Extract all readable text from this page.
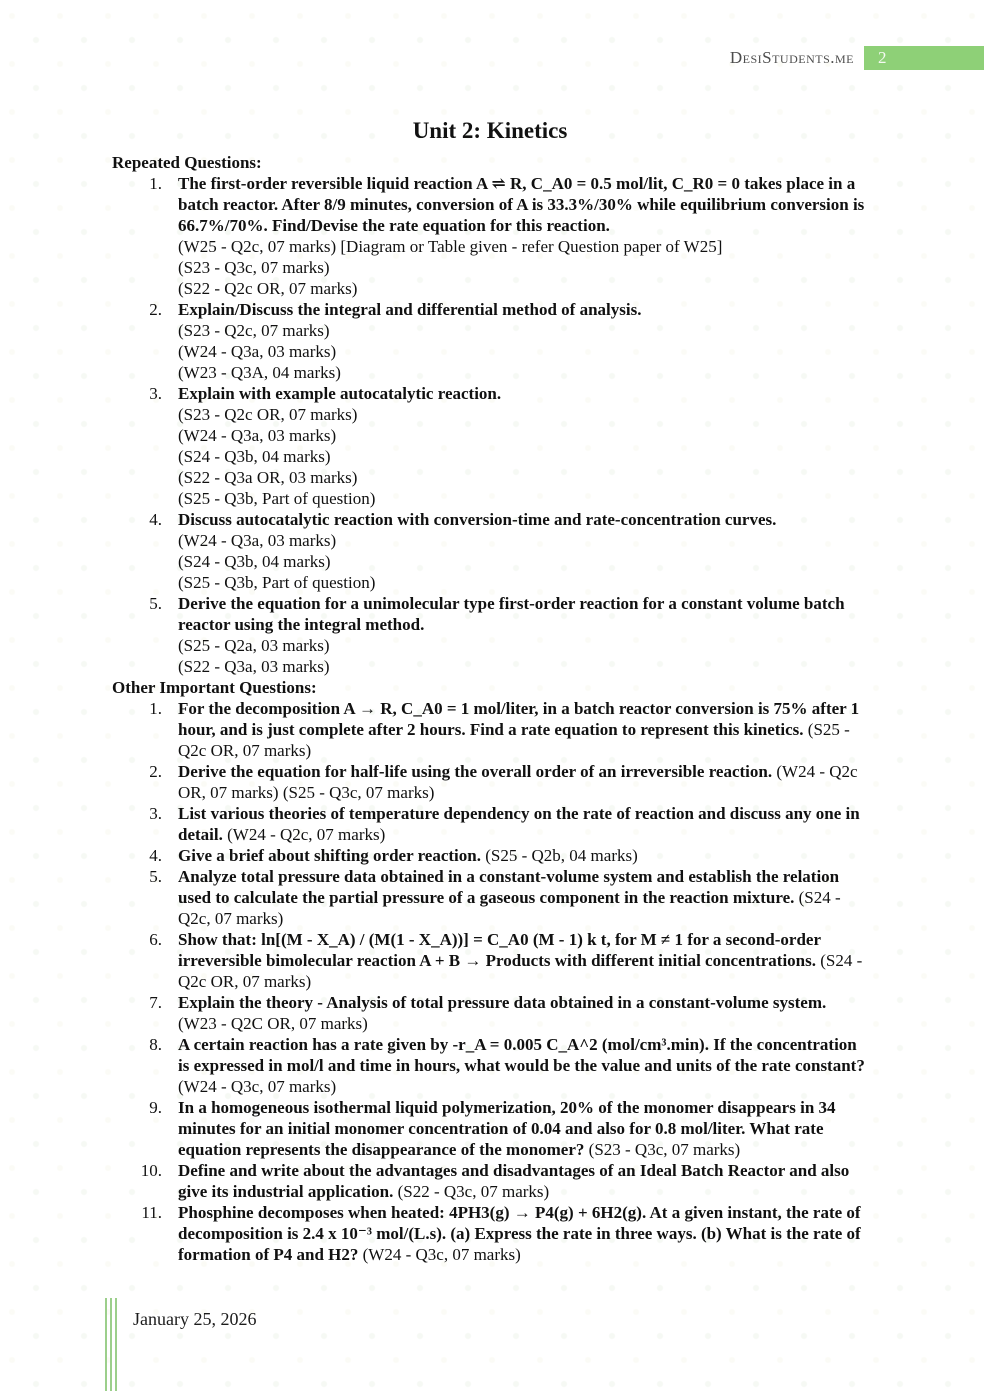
DesiStudents.me 2
Unit 2: Kinetics
Repeated Questions:
1. The first-order reversible liquid reaction A ⇌ R, C_A0 = 0.5 mol/lit, C_R0 = 0 takes place in a batch reactor. After 8/9 minutes, conversion of A is 33.3%/30% while equilibrium conversion is 66.7%/70%. Find/Devise the rate equation for this reaction.
(W25 - Q2c, 07 marks) [Diagram or Table given - refer Question paper of W25]
(S23 - Q3c, 07 marks)
(S22 - Q2c OR, 07 marks)
2. Explain/Discuss the integral and differential method of analysis.
(S23 - Q2c, 07 marks)
(W24 - Q3a, 03 marks)
(W23 - Q3A, 04 marks)
3. Explain with example autocatalytic reaction.
(S23 - Q2c OR, 07 marks)
(W24 - Q3a, 03 marks)
(S24 - Q3b, 04 marks)
(S22 - Q3a OR, 03 marks)
(S25 - Q3b, Part of question)
4. Discuss autocatalytic reaction with conversion-time and rate-concentration curves.
(W24 - Q3a, 03 marks)
(S24 - Q3b, 04 marks)
(S25 - Q3b, Part of question)
5. Derive the equation for a unimolecular type first-order reaction for a constant volume batch reactor using the integral method.
(S25 - Q2a, 03 marks)
(S22 - Q3a, 03 marks)
Other Important Questions:
1. For the decomposition A → R, C_A0 = 1 mol/liter, in a batch reactor conversion is 75% after 1 hour, and is just complete after 2 hours. Find a rate equation to represent this kinetics. (S25 - Q2c OR, 07 marks)
2. Derive the equation for half-life using the overall order of an irreversible reaction. (W24 - Q2c OR, 07 marks) (S25 - Q3c, 07 marks)
3. List various theories of temperature dependency on the rate of reaction and discuss any one in detail. (W24 - Q2c, 07 marks)
4. Give a brief about shifting order reaction. (S25 - Q2b, 04 marks)
5. Analyze total pressure data obtained in a constant-volume system and establish the relation used to calculate the partial pressure of a gaseous component in the reaction mixture. (S24 - Q2c, 07 marks)
6. Show that: ln[(M - X_A) / (M(1 - X_A))] = C_A0 (M - 1) k t, for M ≠ 1 for a second-order irreversible bimolecular reaction A + B → Products with different initial concentrations. (S24 - Q2c OR, 07 marks)
7. Explain the theory - Analysis of total pressure data obtained in a constant-volume system. (W23 - Q2C OR, 07 marks)
8. A certain reaction has a rate given by -r_A = 0.005 C_A^2 (mol/cm³.min). If the concentration is expressed in mol/l and time in hours, what would be the value and units of the rate constant? (W24 - Q3c, 07 marks)
9. In a homogeneous isothermal liquid polymerization, 20% of the monomer disappears in 34 minutes for an initial monomer concentration of 0.04 and also for 0.8 mol/liter. What rate equation represents the disappearance of the monomer? (S23 - Q3c, 07 marks)
10. Define and write about the advantages and disadvantages of an Ideal Batch Reactor and also give its industrial application. (S22 - Q3c, 07 marks)
11. Phosphine decomposes when heated: 4PH3(g) → P4(g) + 6H2(g). At a given instant, the rate of decomposition is 2.4 x 10⁻³ mol/(L.s). (a) Express the rate in three ways. (b) What is the rate of formation of P4 and H2? (W24 - Q3c, 07 marks)
January 25, 2026
